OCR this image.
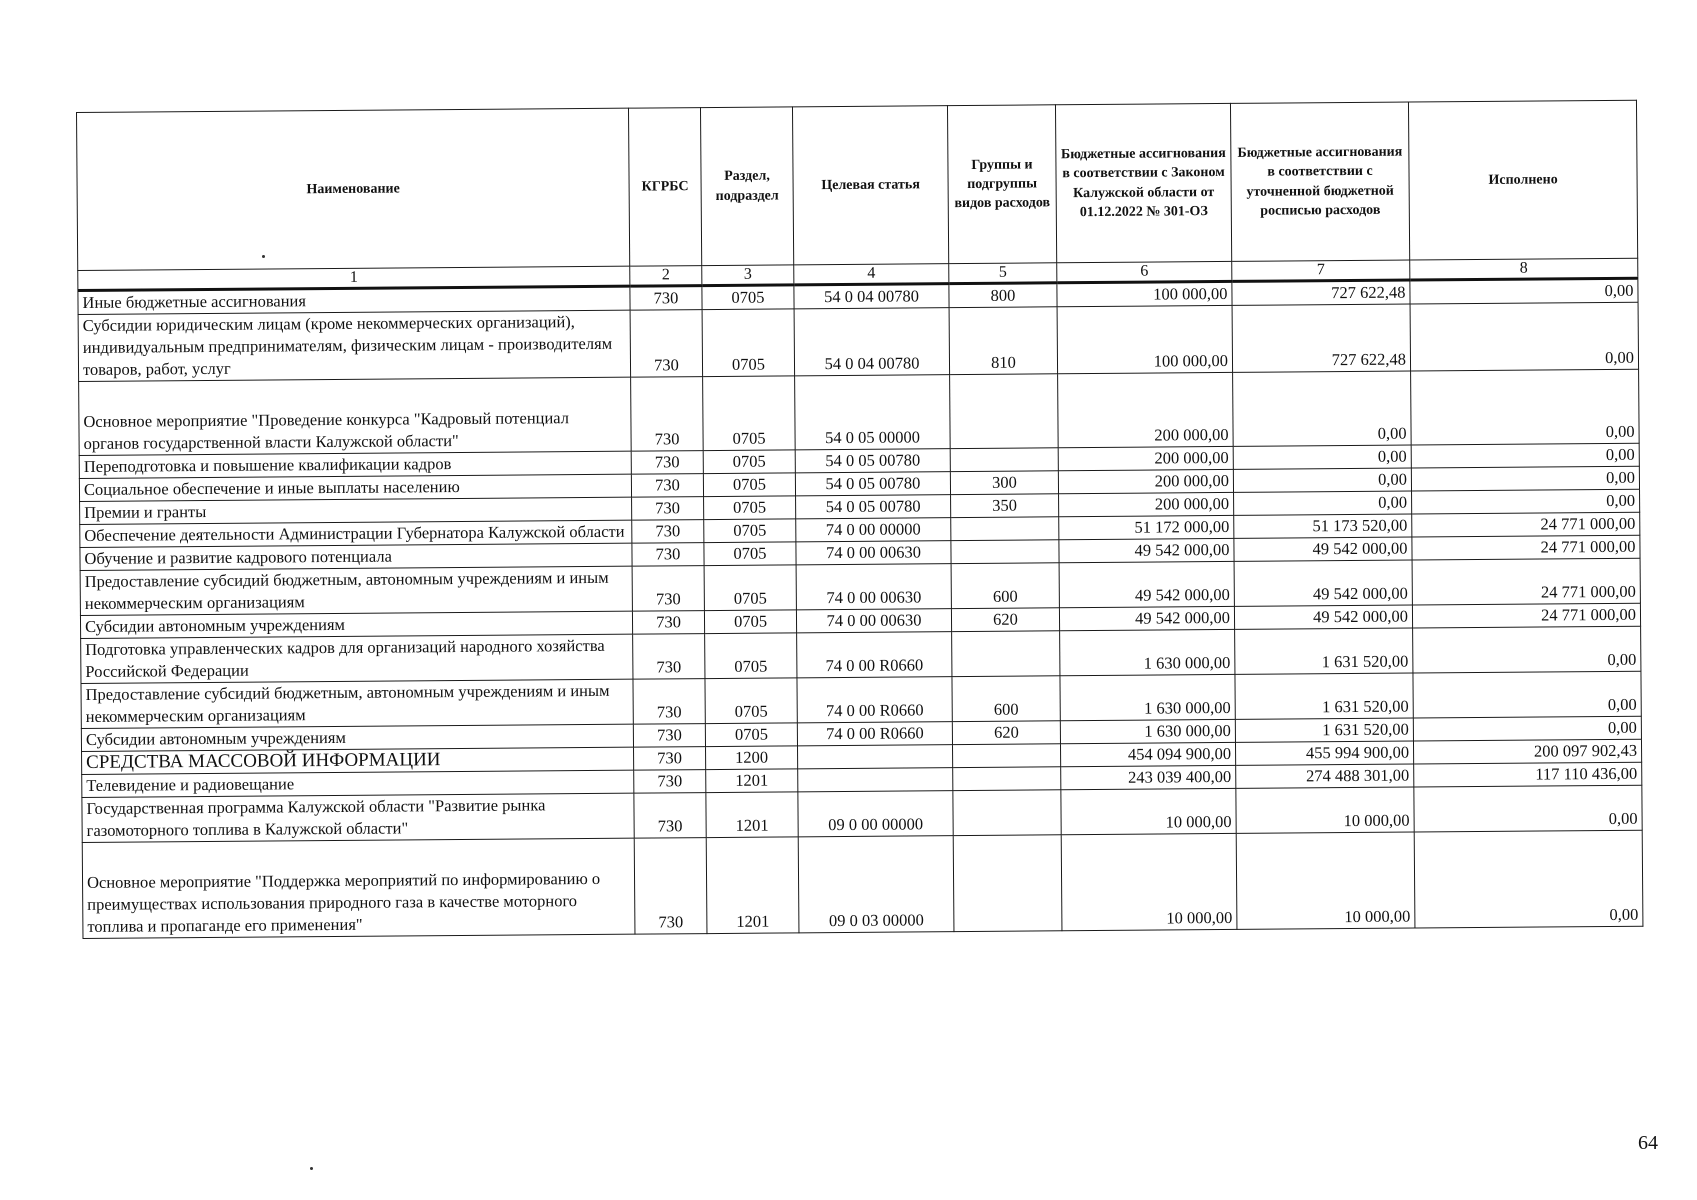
Наименование	КГРБС	Раздел, подраздел	Целевая статья	Группы и подгруппы видов расходов	Бюджетные ассигнования в соответствии с Законом Калужской области от 01.12.2022 № 301-ОЗ	Бюджетные ассигнования в соответствии с уточненной бюджетной росписью расходов	Исполнено
1	2	3	4	5	6	7	8
Иные бюджетные ассигнования	730	0705	54 0 04 00780	800	100 000,00	727 622,48	0,00
Субсидии юридическим лицам (кроме некоммерческих организаций), индивидуальным предпринимателям, физическим лицам - производителям товаров, работ, услуг	730	0705	54 0 04 00780	810	100 000,00	727 622,48	0,00
Основное мероприятие "Проведение конкурса "Кадровый потенциал органов государственной власти Калужской области"	730	0705	54 0 05 00000		200 000,00	0,00	0,00
Переподготовка и повышение квалификации кадров	730	0705	54 0 05 00780		200 000,00	0,00	0,00
Социальное обеспечение и иные выплаты населению	730	0705	54 0 05 00780	300	200 000,00	0,00	0,00
Премии и гранты	730	0705	54 0 05 00780	350	200 000,00	0,00	0,00
Обеспечение деятельности Администрации Губернатора Калужской области	730	0705	74 0 00 00000		51 172 000,00	51 173 520,00	24 771 000,00
Обучение и развитие кадрового потенциала	730	0705	74 0 00 00630		49 542 000,00	49 542 000,00	24 771 000,00
Предоставление субсидий бюджетным, автономным учреждениям и иным некоммерческим организациям	730	0705	74 0 00 00630	600	49 542 000,00	49 542 000,00	24 771 000,00
Субсидии автономным учреждениям	730	0705	74 0 00 00630	620	49 542 000,00	49 542 000,00	24 771 000,00
Подготовка управленческих кадров для организаций народного хозяйства Российской Федерации	730	0705	74 0 00 R0660		1 630 000,00	1 631 520,00	0,00
Предоставление субсидий бюджетным, автономным учреждениям и иным некоммерческим организациям	730	0705	74 0 00 R0660	600	1 630 000,00	1 631 520,00	0,00
Субсидии автономным учреждениям	730	0705	74 0 00 R0660	620	1 630 000,00	1 631 520,00	0,00
СРЕДСТВА МАССОВОЙ ИНФОРМАЦИИ	730	1200			454 094 900,00	455 994 900,00	200 097 902,43
Телевидение и радиовещание	730	1201			243 039 400,00	274 488 301,00	117 110 436,00
Государственная программа Калужской области "Развитие рынка газомоторного топлива в Калужской области"	730	1201	09 0 00 00000		10 000,00	10 000,00	0,00
Основное мероприятие "Поддержка мероприятий по информированию о преимуществах использования природного газа в качестве моторного топлива и пропаганде его применения"	730	1201	09 0 03 00000		10 000,00	10 000,00	0,00
64
